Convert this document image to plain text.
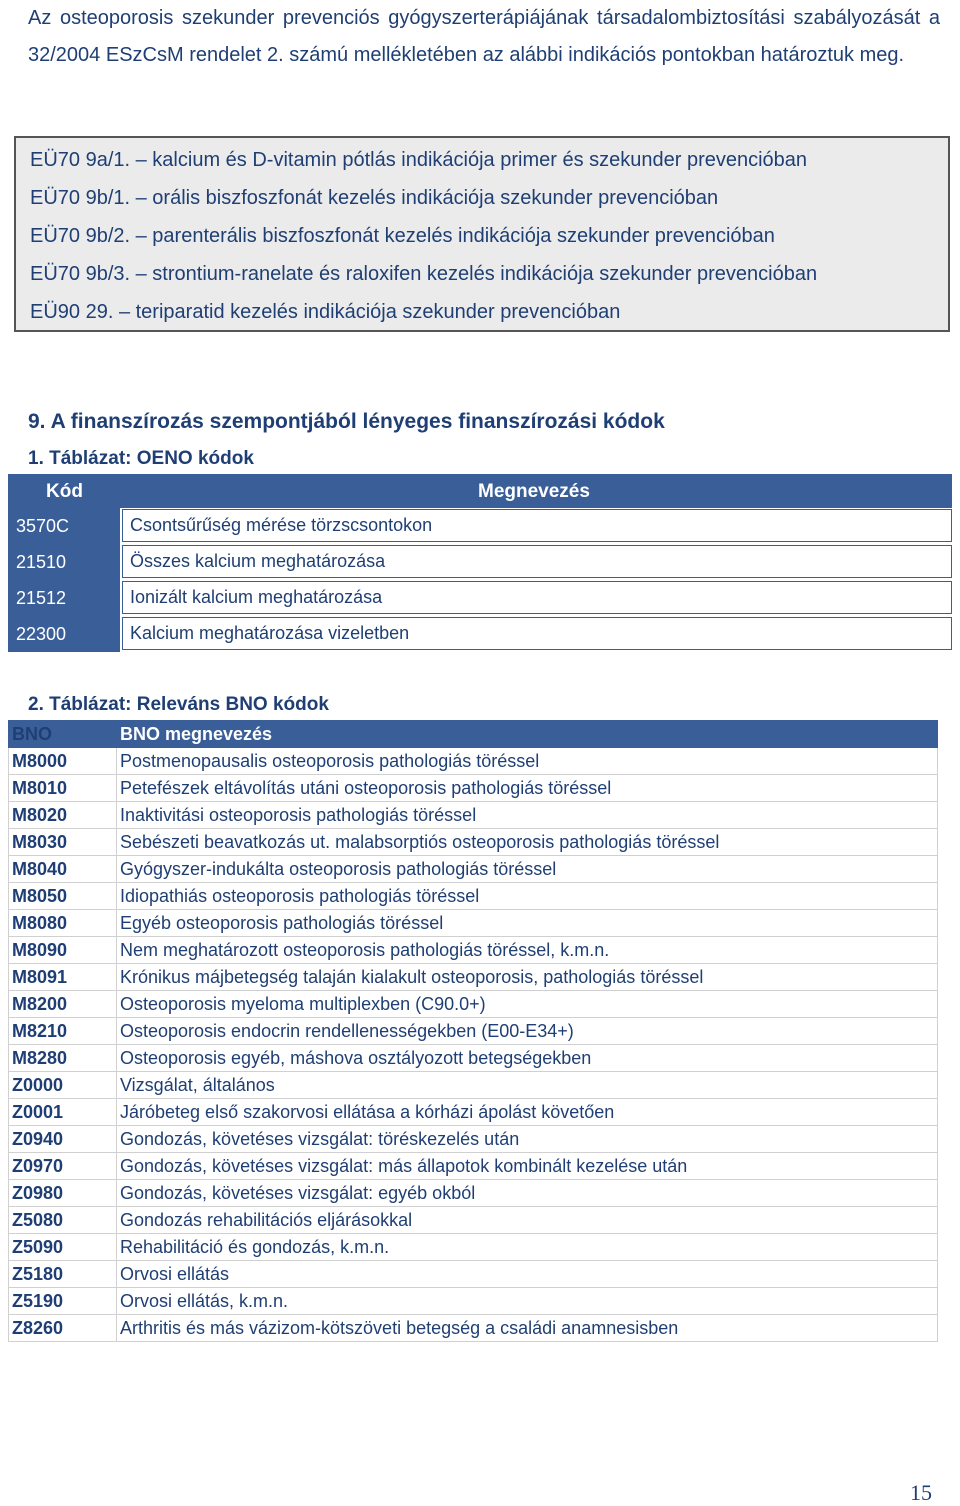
Az osteoporosis szekunder prevenciós gyógyszerterápiájának társadalombiztosítási szabályozását a 32/2004 ESzCsM rendelet 2. számú mellékletében az alábbi indikációs pontokban határoztuk meg.

EÜ70 9a/1. – kalcium és D-vitamin pótlás indikációja primer és szekunder prevencióban
EÜ70 9b/1. – orális biszfoszfonát kezelés indikációja szekunder prevencióban
EÜ70 9b/2. – parenterális biszfoszfonát kezelés indikációja szekunder prevencióban
EÜ70 9b/3. – strontium-ranelate és raloxifen kezelés indikációja szekunder prevencióban
EÜ90 29. – teriparatid kezelés indikációja szekunder prevencióban
9. A finanszírozás szempontjából lényeges finanszírozási kódok
1. Táblázat: OENO kódok
Kód	Megnevezés
3570C	Csontsűrűség mérése törzscsontokon
21510	Összes kalcium meghatározása
21512	Ionizált kalcium meghatározása
22300	Kalcium meghatározása vizeletben
2. Táblázat: Releváns BNO kódok
BNO	BNO megnevezés
M8000	Postmenopausalis osteoporosis pathologiás töréssel
M8010	Petefészek eltávolítás utáni osteoporosis pathologiás töréssel
M8020	Inaktivitási osteoporosis pathologiás töréssel
M8030	Sebészeti beavatkozás ut. malabsorptiós osteoporosis pathologiás töréssel
M8040	Gyógyszer-indukálta osteoporosis pathologiás töréssel
M8050	Idiopathiás osteoporosis pathologiás töréssel
M8080	Egyéb osteoporosis pathologiás töréssel
M8090	Nem meghatározott osteoporosis pathologiás töréssel, k.m.n.
M8091	Krónikus májbetegség talaján kialakult osteoporosis, pathologiás töréssel
M8200	Osteoporosis myeloma multiplexben (C90.0+)
M8210	Osteoporosis endocrin rendellenességekben (E00-E34+)
M8280	Osteoporosis egyéb, máshova osztályozott betegségekben
Z0000	Vizsgálat, általános
Z0001	Járóbeteg első szakorvosi ellátása a kórházi ápolást követően
Z0940	Gondozás, követéses vizsgálat: töréskezelés után
Z0970	Gondozás, követéses vizsgálat: más állapotok kombinált kezelése után
Z0980	Gondozás, követéses vizsgálat: egyéb okból
Z5080	Gondozás rehabilitációs eljárásokkal
Z5090	Rehabilitáció és gondozás, k.m.n.
Z5180	Orvosi ellátás
Z5190	Orvosi ellátás, k.m.n.
Z8260	Arthritis és más vázizom-kötszöveti betegség a családi anamnesisben
15
